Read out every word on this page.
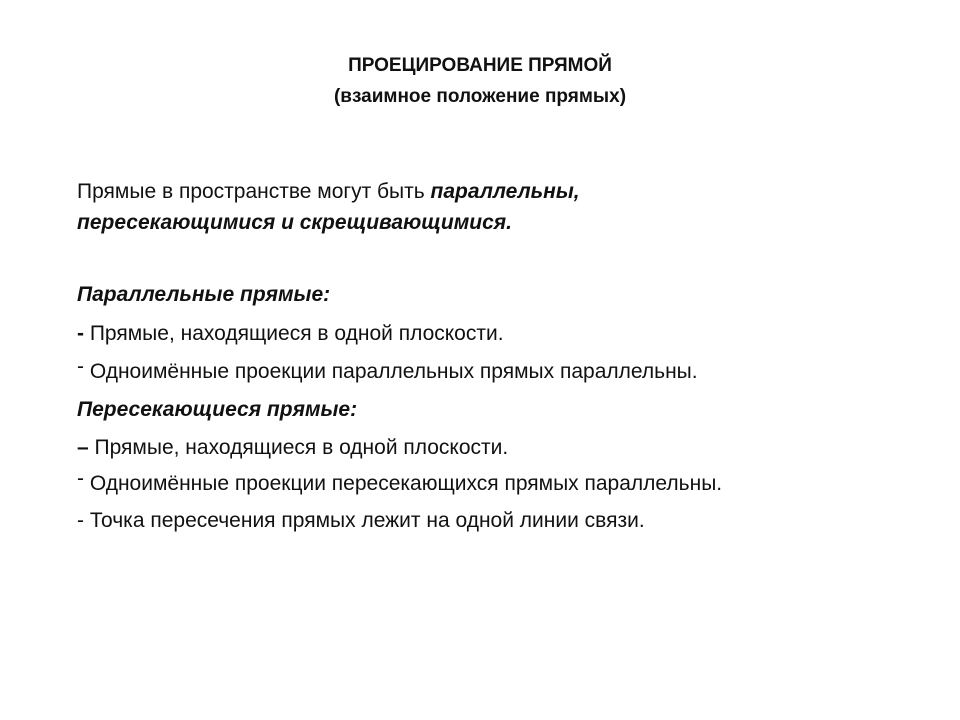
ПРОЕЦИРОВАНИЕ ПРЯМОЙ
(взаимное положение прямых)
Прямые в пространстве могут быть параллельны,
пересекающимися и скрещивающимися.
Параллельные прямые:
- Прямые, находящиеся в одной плоскости.
- Одноимённые проекции параллельных прямых параллельны.
Пересекающиеся прямые:
– Прямые, находящиеся в одной плоскости.
- Одноимённые проекции пересекающихся прямых параллельны.
- Точка пересечения прямых лежит на одной линии связи.
